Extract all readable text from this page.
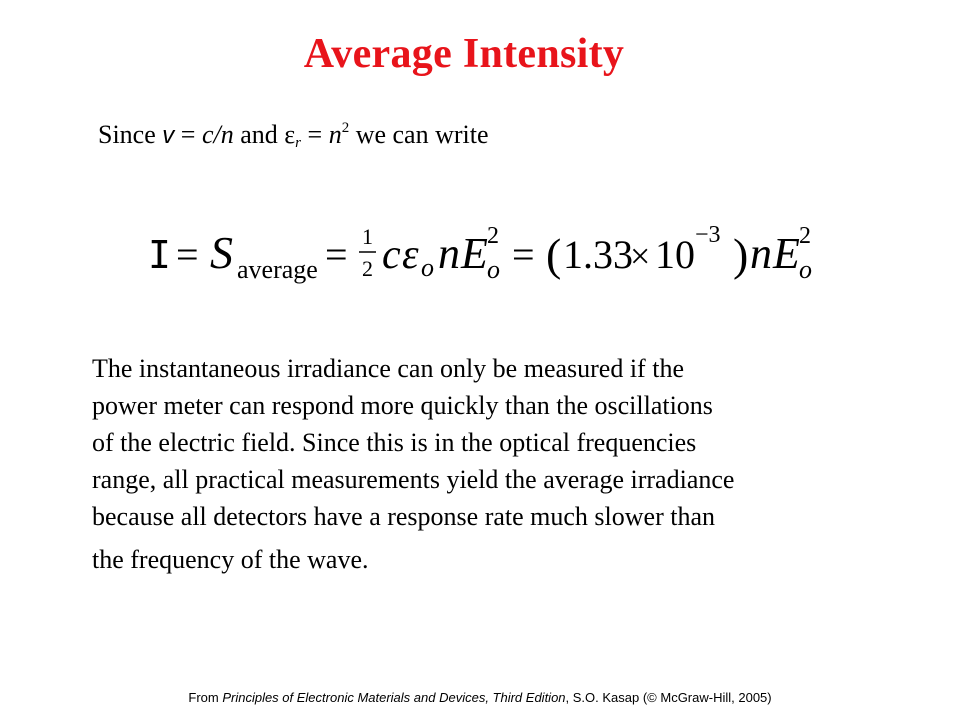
Average Intensity
Since v = c/n and $\varepsilon_r = n^2$ we can write
I = S average = 1
2 c ε o n E 2
o = ( 1.33
× 10 −3 ) n E 2
o
The instantaneous irradiance can only be measured if the
power meter can respond more quickly than the oscillations
of the electric field. Since this is in the optical frequencies
range, all practical measurements yield the average irradiance
because all detectors have a response rate much slower than
the frequency of the wave.
From Principles of Electronic Materials and Devices, Third Edition, S.O. Kasap (© McGraw-Hill, 2005)
